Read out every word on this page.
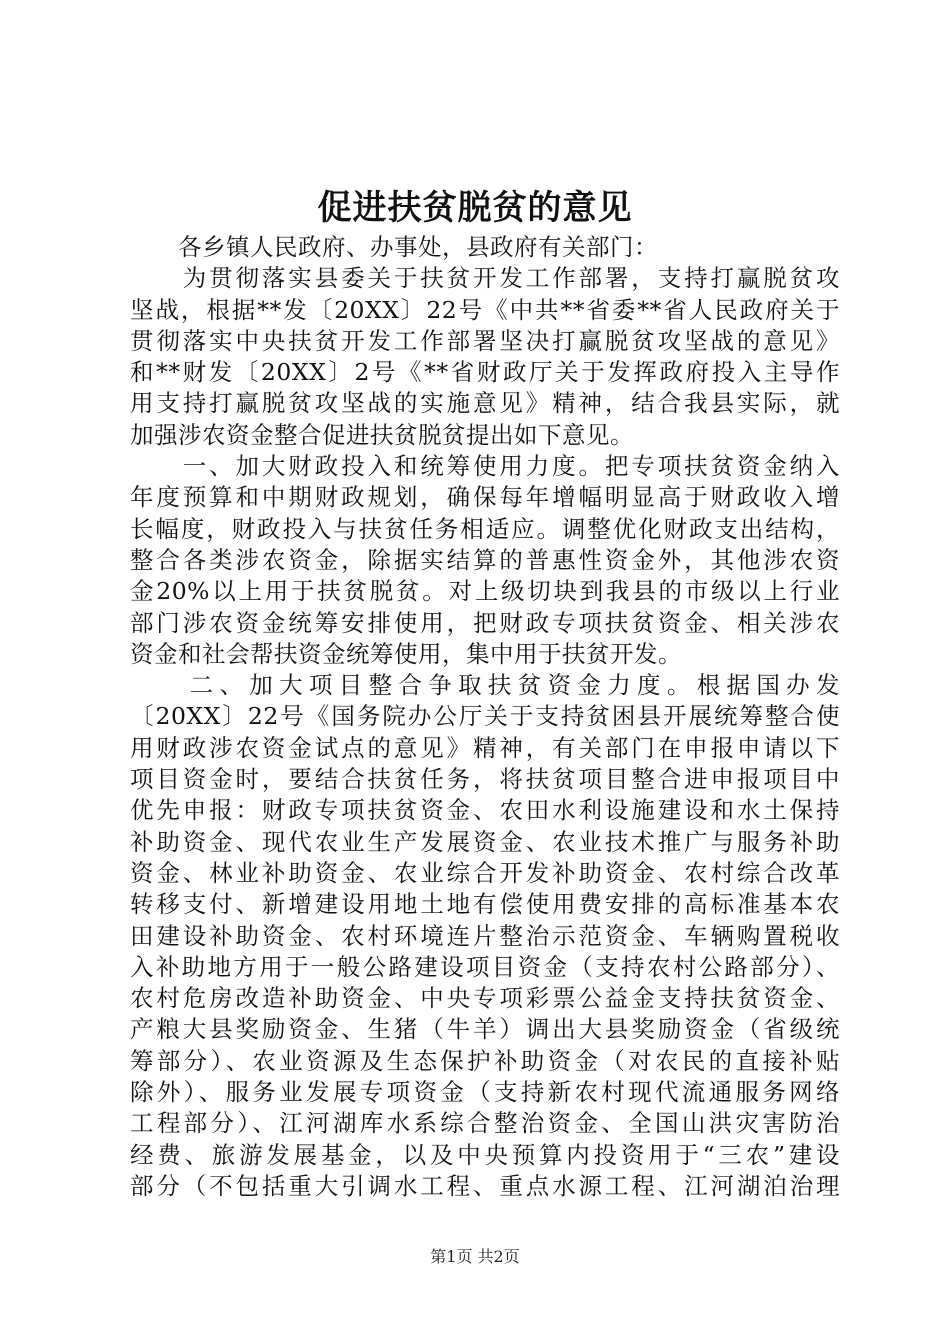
促进扶贫脱贫的意见
　　各乡镇人民政府、办事处，县政府有关部门：
　　为贯彻落实县委关于扶贫开发工作部署，支持打赢脱贫攻
坚战，根据**发〔20XX〕22号《中共**省委**省人民政府关于
贯彻落实中央扶贫开发工作部署坚决打赢脱贫攻坚战的意见》
和**财发〔20XX〕2号《**省财政厅关于发挥政府投入主导作
用支持打赢脱贫攻坚战的实施意见》精神，结合我县实际，就
加强涉农资金整合促进扶贫脱贫提出如下意见。
　　一、加大财政投入和统筹使用力度。把专项扶贫资金纳入
年度预算和中期财政规划，确保每年增幅明显高于财政收入增
长幅度，财政投入与扶贫任务相适应。调整优化财政支出结构，
整合各类涉农资金，除据实结算的普惠性资金外，其他涉农资
金20%以上用于扶贫脱贫。对上级切块到我县的市级以上行业
部门涉农资金统筹安排使用，把财政专项扶贫资金、相关涉农
资金和社会帮扶资金统筹使用，集中用于扶贫开发。
　　二、加大项目整合争取扶贫资金力度。根据国办发
〔20XX〕22号《国务院办公厅关于支持贫困县开展统筹整合使
用财政涉农资金试点的意见》精神，有关部门在申报申请以下
项目资金时，要结合扶贫任务，将扶贫项目整合进申报项目中
优先申报：财政专项扶贫资金、农田水利设施建设和水土保持
补助资金、现代农业生产发展资金、农业技术推广与服务补助
资金、林业补助资金、农业综合开发补助资金、农村综合改革
转移支付、新增建设用地土地有偿使用费安排的高标准基本农
田建设补助资金、农村环境连片整治示范资金、车辆购置税收
入补助地方用于一般公路建设项目资金（支持农村公路部分）、
农村危房改造补助资金、中央专项彩票公益金支持扶贫资金、
产粮大县奖励资金、生猪（牛羊）调出大县奖励资金（省级统
筹部分）、农业资源及生态保护补助资金（对农民的直接补贴
除外）、服务业发展专项资金（支持新农村现代流通服务网络
工程部分）、江河湖库水系综合整治资金、全国山洪灾害防治
经费、旅游发展基金，以及中央预算内投资用于“三农”建设
部分（不包括重大引调水工程、重点水源工程、江河湖泊治理
第1页 共2页
